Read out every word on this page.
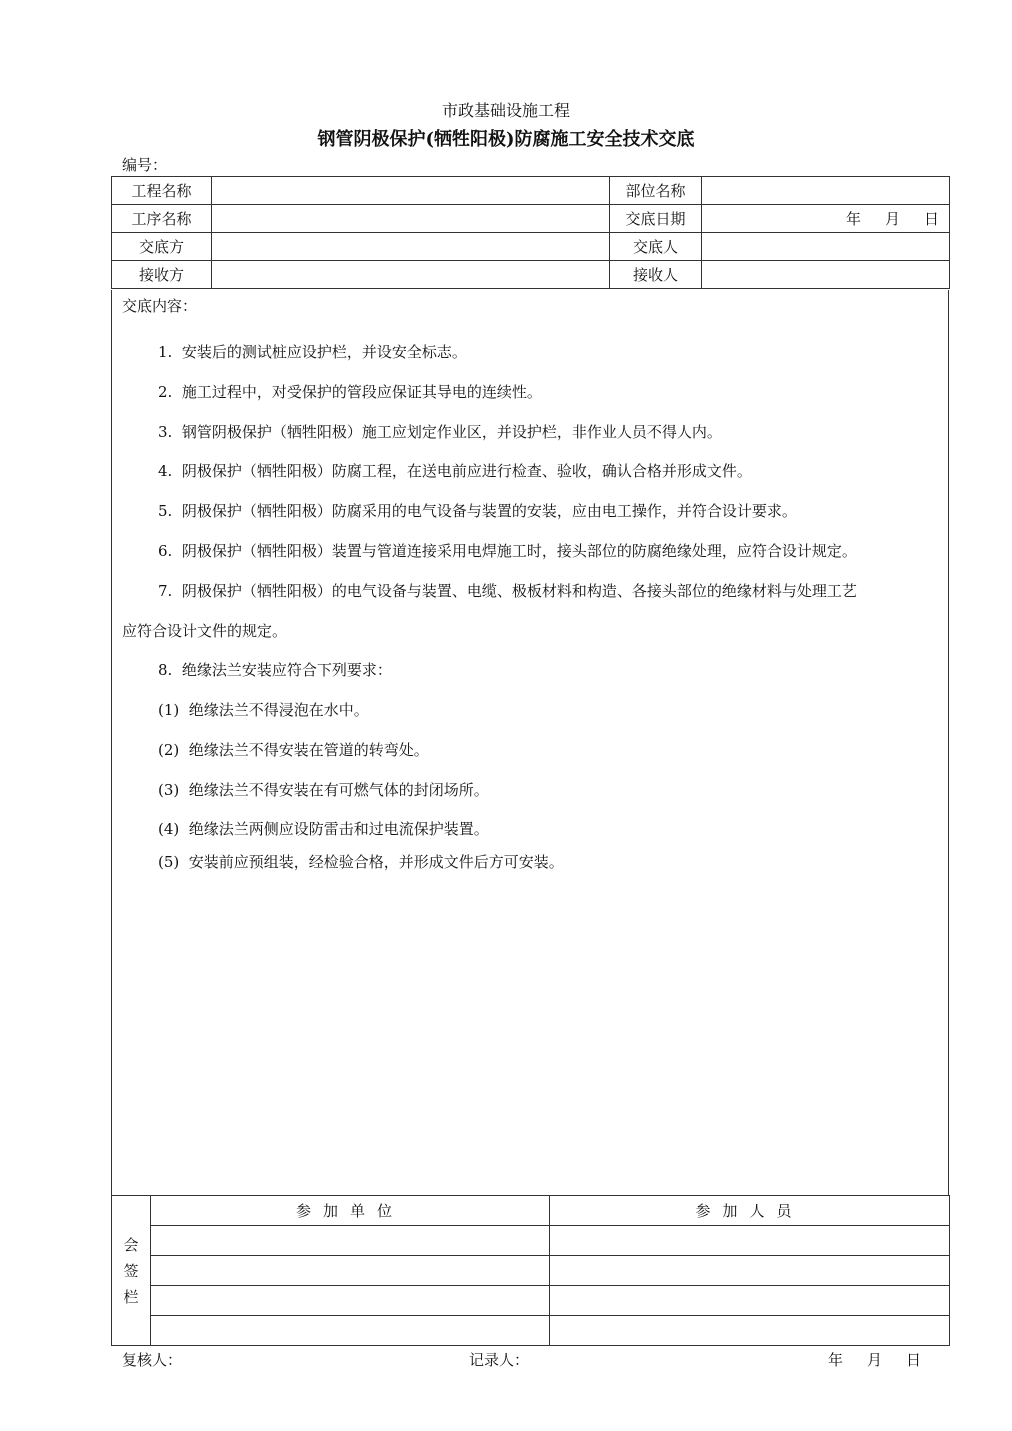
市政基础设施工程
钢管阴极保护(牺牲阳极)防腐施工安全技术交底
编号：
工程名称		部位名称	
工序名称		交底日期	年 月 日
交底方		交底人	
接收方		接收人	
交底内容：
1. 安装后的测试桩应设护栏，并设安全标志。
2. 施工过程中，对受保护的管段应保证其导电的连续性。
3. 钢管阴极保护（牺牲阳极）施工应划定作业区，并设护栏，非作业人员不得人内。
4. 阴极保护（牺牲阳极）防腐工程，在送电前应进行检查、验收，确认合格并形成文件。
5. 阴极保护（牺牲阳极）防腐采用的电气设备与装置的安装，应由电工操作，并符合设计要求。
6. 阴极保护（牺牲阳极）装置与管道连接采用电焊施工时，接头部位的防腐绝缘处理，应符合设计规定。
7. 阴极保护（牺牲阳极）的电气设备与装置、电缆、极板材料和构造、各接头部位的绝缘材料与处理工艺
应符合设计文件的规定。
8. 绝缘法兰安装应符合下列要求：
(1) 绝缘法兰不得浸泡在水中。
(2) 绝缘法兰不得安装在管道的转弯处。
(3) 绝缘法兰不得安装在有可燃气体的封闭场所。
(4) 绝缘法兰两侧应设防雷击和过电流保护装置。
(5) 安装前应预组装，经检验合格，并形成文件后方可安装。
会
签
栏	参加单位	参加人员

复核人：	记录人：	年 月 日
